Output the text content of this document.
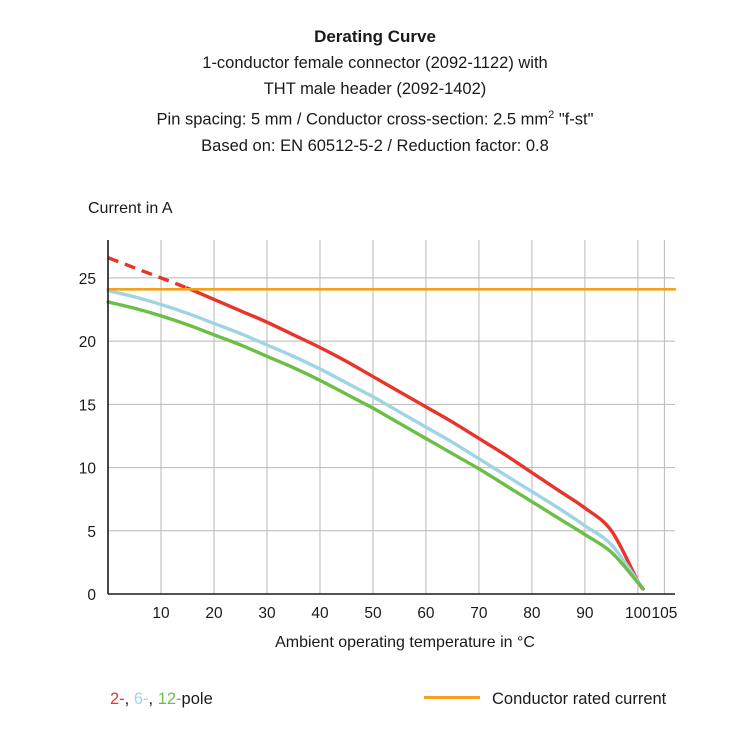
Derating Curve
1-conductor female connector (2092-1122) with
THT male header (2092-1402)
Pin spacing: 5 mm / Conductor cross-section: 2.5 $mm^2$ "f-st"
Based on: EN 60512-5-2 / Reduction factor: 0.8
Current in A
10 20 30 40 50 60 70 80 90 100 105
0
5
10
15
20
25
Ambient operating temperature in °C
2-, 6-, 12-pole	Conductor rated current
